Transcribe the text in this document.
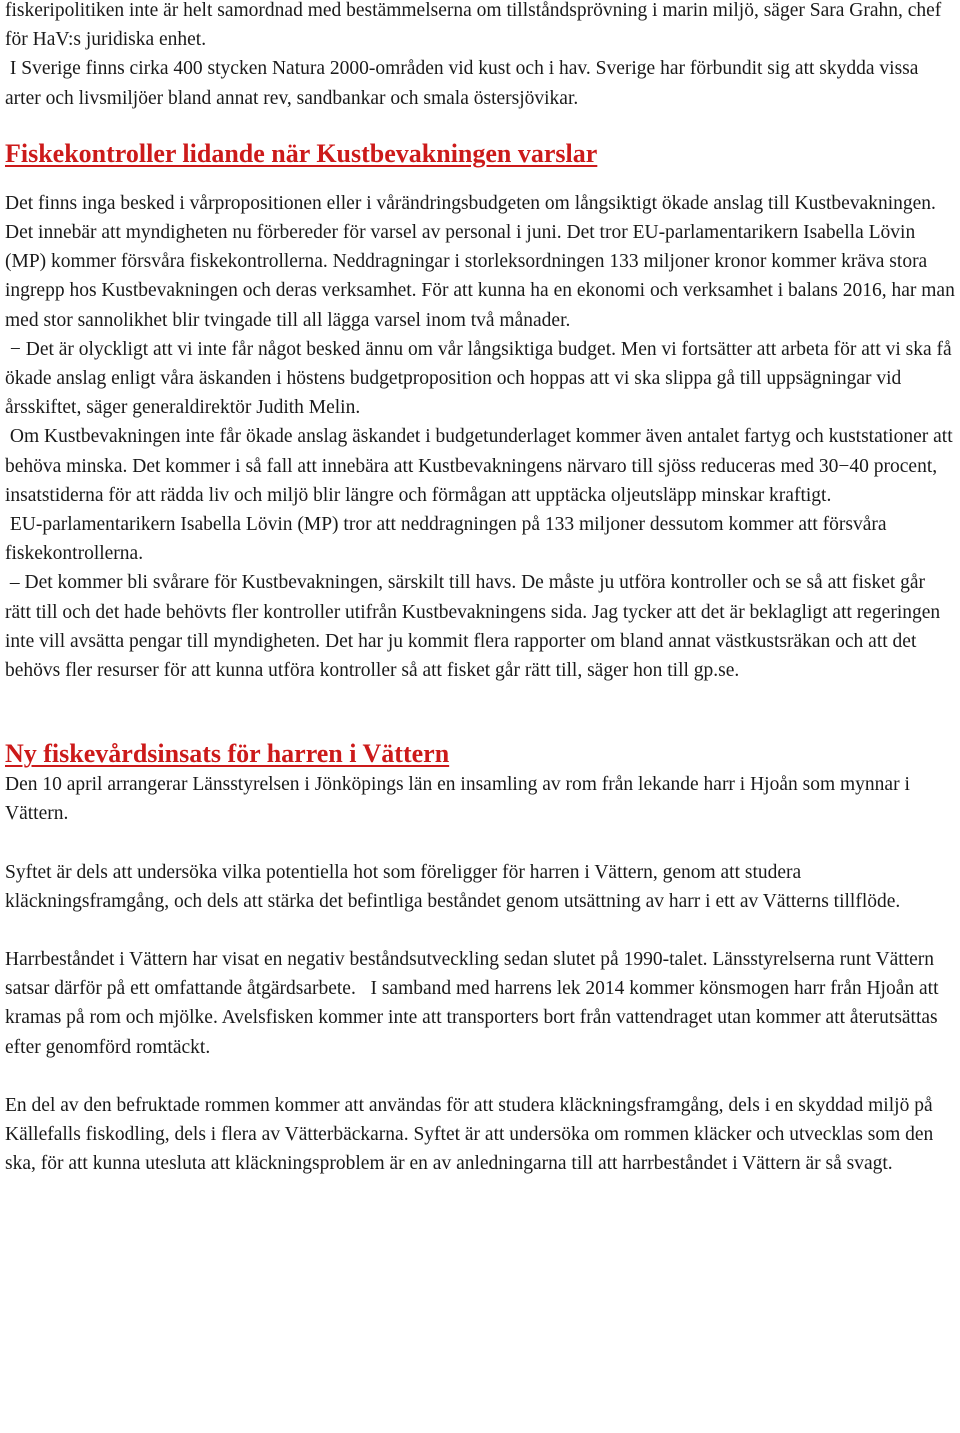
fiskeripolitiken inte är helt samordnad med bestämmelserna om tillståndsprövning i marin miljö, säger Sara Grahn, chef för HaV:s juridiska enhet.

I Sverige finns cirka 400 stycken Natura 2000-områden vid kust och i hav. Sverige har förbundit sig att skydda vissa arter och livsmiljöer bland annat rev, sandbankar och smala östersjövikar.

Fiskekontroller lidande när Kustbevakningen varslar

Det finns inga besked i vårpropositionen eller i vårändringsbudgeten om långsiktigt ökade anslag till Kustbevakningen. Det innebär att myndigheten nu förbereder för varsel av personal i juni. Det tror EU-parlamentarikern Isabella Lövin (MP) kommer försvåra fiskekontrollerna. Neddragningar i storleksordningen 133 miljoner kronor kommer kräva stora ingrepp hos Kustbevakningen och deras verksamhet. För att kunna ha en ekonomi och verksamhet i balans 2016, har man med stor sannolikhet blir tvingade till all lägga varsel inom två månader.

− Det är olyckligt att vi inte får något besked ännu om vår långsiktiga budget. Men vi fortsätter att arbeta för att vi ska få ökade anslag enligt våra äskanden i höstens budgetproposition och hoppas att vi ska slippa gå till uppsägningar vid årsskiftet, säger generaldirektör Judith Melin.

Om Kustbevakningen inte får ökade anslag äskandet i budgetunderlaget kommer även antalet fartyg och kuststationer att behöva minska. Det kommer i så fall att innebära att Kustbevakningens närvaro till sjöss reduceras med 30−40 procent, insatstiderna för att rädda liv och miljö blir längre och förmågan att upptäcka oljeutsläpp minskar kraftigt.

EU-parlamentarikern Isabella Lövin (MP) tror att neddragningen på 133 miljoner dessutom kommer att försvåra fiskekontrollerna.

– Det kommer bli svårare för Kustbevakningen, särskilt till havs. De måste ju utföra kontroller och se så att fisket går rätt till och det hade behövts fler kontroller utifrån Kustbevakningens sida. Jag tycker att det är beklagligt att regeringen inte vill avsätta pengar till myndigheten. Det har ju kommit flera rapporter om bland annat västkustsräkan och att det behövs fler resurser för att kunna utföra kontroller så att fisket går rätt till, säger hon till gp.se.

Ny fiskevårdsinsats för harren i Vättern

Den 10 april arrangerar Länsstyrelsen i Jönköpings län en insamling av rom från lekande harr i Hjoån som mynnar i Vättern.

Syftet är dels att undersöka vilka potentiella hot som föreligger för harren i Vättern, genom att studera kläckningsframgång, och dels att stärka det befintliga beståndet genom utsättning av harr i ett av Vätterns tillflöde.

Harrbeståndet i Vättern har visat en negativ beståndsutveckling sedan slutet på 1990-talet. Länsstyrelserna runt Vättern satsar därför på ett omfattande åtgärdsarbete.   I samband med harrens lek 2014 kommer könsmogen harr från Hjoån att kramas på rom och mjölke. Avelsfisken kommer inte att transporters bort från vattendraget utan kommer att återutsättas efter genomförd romtäckt.

En del av den befruktade rommen kommer att användas för att studera kläckningsframgång, dels i en skyddad miljö på Källefalls fiskodling, dels i flera av Vätterbäckarna. Syftet är att undersöka om rommen kläcker och utvecklas som den ska, för att kunna utesluta att kläckningsproblem är en av anledningarna till att harrbeståndet i Vättern är så svagt.
